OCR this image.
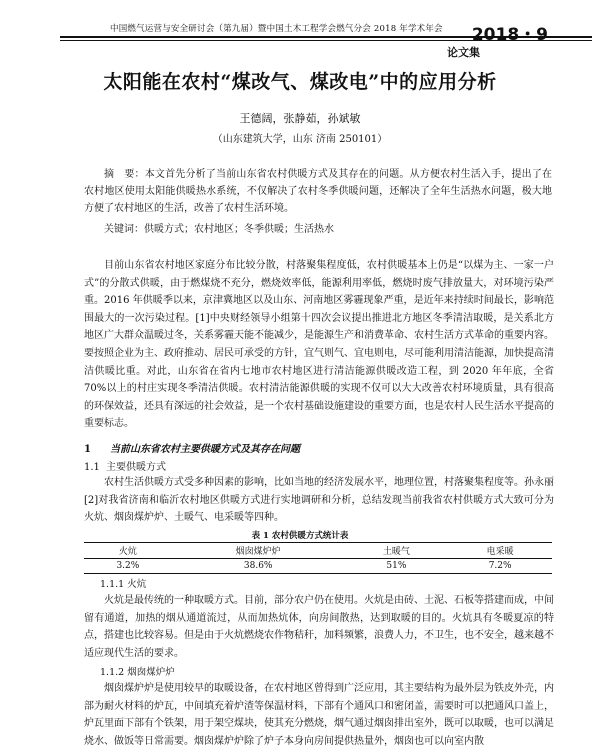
中国燃气运营与安全研讨会（第九届）暨中国土木工程学会燃气分会 2018 年学术年会 2018・9
论文集
太阳能在农村“煤改气、煤改电”中的应用分析
王德阔，张静茹，孙斌敏
（山东建筑大学，山东 济南 250101）
摘　要：本文首先分析了当前山东省农村供暖方式及其存在的问题。从方便农村生活入手，提出了在农村地区使用太阳能供暖热水系统，不仅解决了农村冬季供暖问题，还解决了全年生活热水问题，极大地方便了农村地区的生活，改善了农村生活环境。
关键词：供暖方式；农村地区；冬季供暖；生活热水
目前山东省农村地区家庭分布比较分散，村落聚集程度低，农村供暖基本上仍是“以煤为主、一家一户式”的分散式供暖，由于燃煤烧不充分，燃烧效率低，能源利用率低，燃烧时废气排放量大，对环境污染严重。2016 年供暖季以来，京津冀地区以及山东、河南地区雾霾现象严重，是近年来持续时间最长，影响范围最大的一次污染过程。[1]中央财经领导小组第十四次会议提出推进北方地区冬季清洁取暖，是关系北方地区广大群众温暖过冬，关系雾霾天能不能减少，是能源生产和消费革命、农村生活方式革命的重要内容。要按照企业为主、政府推动、居民可承受的方针，宜气则气、宜电则电，尽可能利用清洁能源，加快提高清洁供暖比重。对此，山东省在省内七地市农村地区进行清洁能源供暖改造工程，到 2020 年年底，全省 70%以上的村庄实现冬季清洁供暖。农村清洁能源供暖的实现不仅可以大大改善农村环境质量，具有很高的环保效益，还具有深远的社会效益，是一个农村基础设施建设的重要方面，也是农村人民生活水平提高的重要标志。
1 当前山东省农村主要供暖方式及其存在问题
1.1 主要供暖方式
农村生活供暖方式受多种因素的影响，比如当地的经济发展水平，地理位置，村落聚集程度等。孙永丽[2]对我省济南和临沂农村地区供暖方式进行实地调研和分析，总结发现当前我省农村供暖方式大致可分为火炕、烟囱煤炉炉、土暖气、电采暖等四种。
表 1 农村供暖方式统计表
火炕	烟囱煤炉炉	土暖气	电采暖
3.2%	38.6%	51%	7.2%
1.1.1 火炕
火炕是最传统的一种取暖方式。目前，部分农户仍在使用。火炕是由砖、土泥、石板等搭建而成，中间留有通道，加热的烟从通道流过，从而加热炕体，向房间散热，达到取暖的目的。火炕具有冬暖夏凉的特点，搭建也比较容易。但是由于火炕燃烧农作物秸秆，加料频繁，浪费人力，不卫生，也不安全，越来越不适应现代生活的要求。
1.1.2 烟囱煤炉炉
烟囱煤炉炉是使用较早的取暖设备，在农村地区曾得到广泛应用，其主要结构为最外层为铁皮外壳，内部为耐火材料的炉瓦，中间填充着炉渣等保温材料，下部有个通风口和密闭盖，需要时可以把通风口盖上，炉瓦里面下部有个铁架，用于架空煤块，使其充分燃烧，烟气通过烟囱排出室外，既可以取暖，也可以满足烧水、做饭等日常需要。烟囱煤炉炉除了炉子本身向房间提供热量外，烟囱也可以向室内散
